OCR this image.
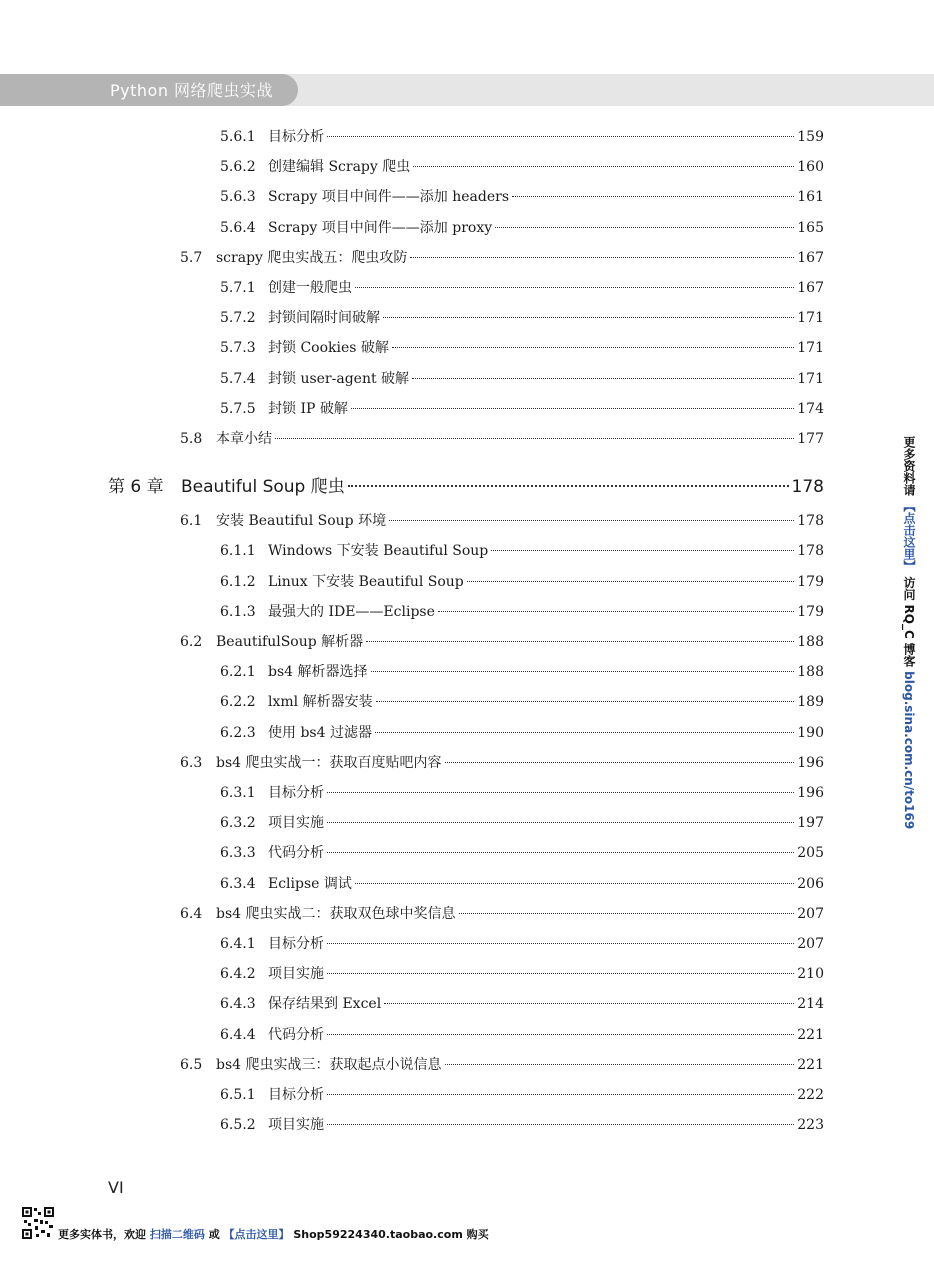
Python 网络爬虫实战
5.6.1 目标分析	159
5.6.2 创建编辑 Scrapy 爬虫	160
5.6.3 Scrapy 项目中间件——添加 headers	161
5.6.4 Scrapy 项目中间件——添加 proxy	165
5.7 scrapy 爬虫实战五：爬虫攻防	167
5.7.1 创建一般爬虫	167
5.7.2 封锁间隔时间破解	171
5.7.3 封锁 Cookies 破解	171
5.7.4 封锁 user-agent 破解	171
5.7.5 封锁 IP 破解	174
5.8 本章小结	177
第 6 章	Beautiful Soup 爬虫	178
6.1 安装 Beautiful Soup 环境	178
6.1.1 Windows 下安装 Beautiful Soup	178
6.1.2 Linux 下安装 Beautiful Soup	179
6.1.3 最强大的 IDE——Eclipse	179
6.2 BeautifulSoup 解析器	188
6.2.1 bs4 解析器选择	188
6.2.2 lxml 解析器安装	189
6.2.3 使用 bs4 过滤器	190
6.3 bs4 爬虫实战一：获取百度贴吧内容	196
6.3.1 目标分析	196
6.3.2 项目实施	197
6.3.3 代码分析	205
6.3.4 Eclipse 调试	206
6.4 bs4 爬虫实战二：获取双色球中奖信息	207
6.4.1 目标分析	207
6.4.2 项目实施	210
6.4.3 保存结果到 Excel	214
6.4.4 代码分析	221
6.5 bs4 爬虫实战三：获取起点小说信息	221
6.5.1 目标分析	222
6.5.2 项目实施	223
VI
更多资料请 【点击这里】 访问 RQ_C 博客 blog.sina.com.cn/to169
更多实体书，欢迎 扫描二维码 或 【点击这里】 Shop59224340.taobao.com 购买
